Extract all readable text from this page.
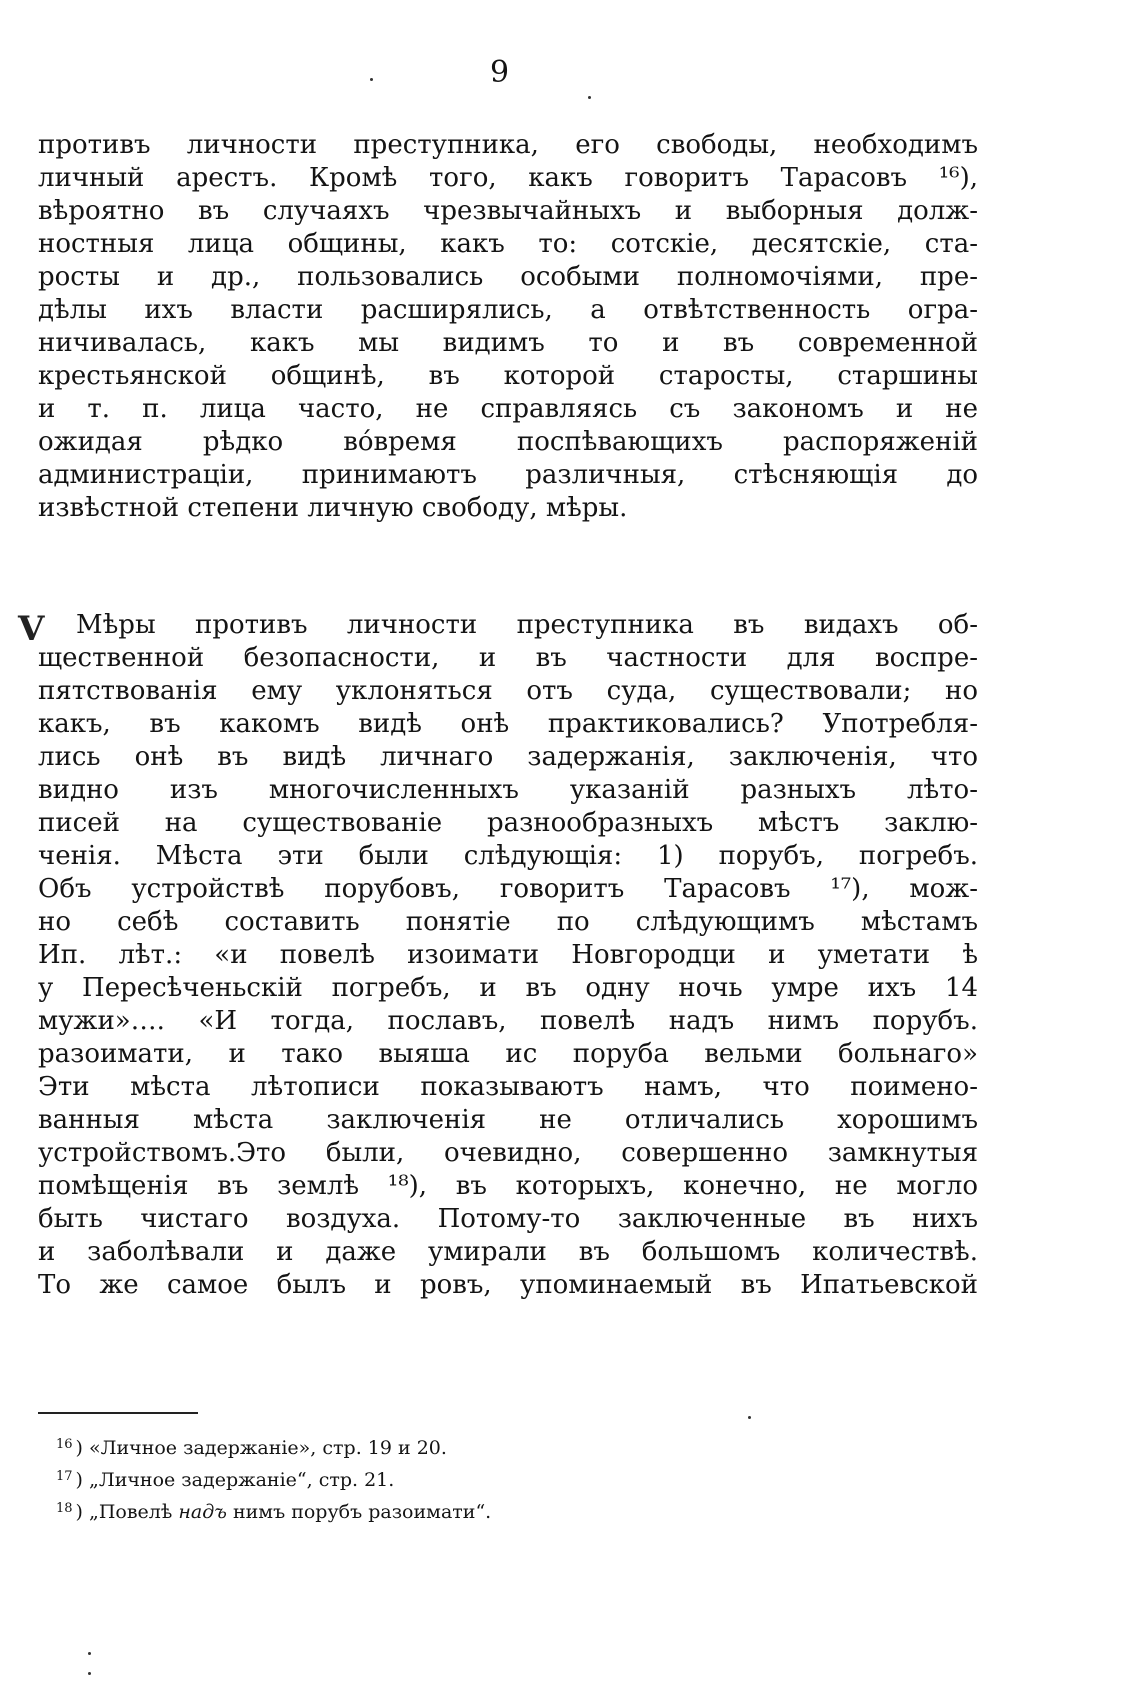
9
противъ личности преступника, его свободы, необходимъ
личный арестъ. Кромѣ того, какъ говоритъ Тарасовъ ¹⁶),
вѣроятно въ случаяхъ чрезвычайныхъ и выборныя долж-
ностныя лица общины, какъ то: сотскіе, десятскіе, ста-
росты и др., пользовались особыми полномочіями, пре-
дѣлы ихъ власти расширялись, а отвѣтственность огра-
ничивалась, какъ мы видимъ то и въ современной
крестьянской общинѣ, въ которой старосты, старшины
и т. п. лица часто, не справляясь съ закономъ и не
ожидая рѣдко вóвремя поспѣвающихъ распоряженій
администраціи, принимаютъ различныя, стѣсняющія до
извѣстной степени личную свободу, мѣры.
V Мѣры противъ личности преступника въ видахъ об-
щественной безопасности, и въ частности для воспре-
пятствованія ему уклоняться отъ суда, существовали; но
какъ, въ какомъ видѣ онѣ практиковались? Употребля-
лись онѣ въ видѣ личнаго задержанія, заключенія, что
видно изъ многочисленныхъ указаній разныхъ лѣто-
писей на существованіе разнообразныхъ мѣстъ заклю-
ченія. Мѣста эти были слѣдующія: 1) порубъ, погребъ.
Объ устройствѣ порубовъ, говоритъ Тарасовъ ¹⁷), мож-
но себѣ составить понятіе по слѣдующимъ мѣстамъ
Ип. лѣт.: «и повелѣ изоимати Новгородци и уметати ѣ
у Пересѣченьскій погребъ, и въ одну ночь умре ихъ 14
мужи»…. «И тогда, пославъ, повелѣ надъ нимъ порубъ.
разоимати, и тако выяша ис поруба вельми больнаго»
Эти мѣста лѣтописи показываютъ намъ, что поимено-
ванныя мѣста заключенія не отличались хорошимъ
устройствомъ.Это были, очевидно, совершенно замкнутыя
помѣщенія въ землѣ ¹⁸), въ которыхъ, конечно, не могло
быть чистаго воздуха. Потому-то заключенные въ нихъ
и заболѣвали и даже умирали въ большомъ количествѣ.
То же самое былъ и ровъ, упоминаемый въ Ипатьевской
$^{16}$ ) «Личное задержаніе», стр. 19 и 20.
$^{17}$ ) „Личное задержаніе“, стр. 21.
$^{18}$ ) „Повелѣ надъ нимъ порубъ разоимати“.
